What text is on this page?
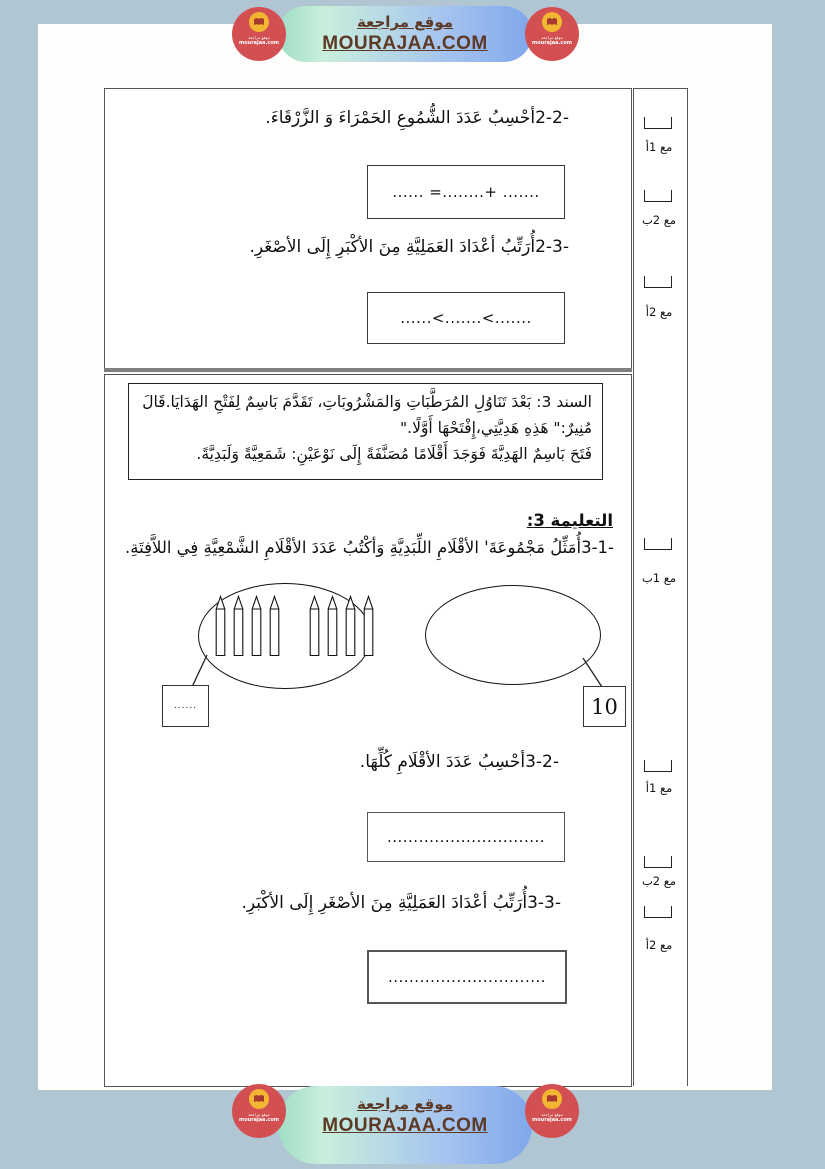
2-2-أحْسِبُ عَدَدَ الشُّمُوعِ الحَمْرَاءَ وَ الزَّرْقَاءَ.
...... =........+ .......
2-3-أُرَتِّبُ أعْدَادَ العَمَلِيَّةِ مِنَ الأكْبَرِ إِلَى الأصْغَرِ.
......<.......<.......
السند 3: بَعْدَ تَنَاوُلِ المُرَطَّبَاتِ وَالمَشْرُوبَاتِ، تَقَدَّمَ بَاسِمٌ لِفَتْحِ الهَدَايَا.قَالَ
مُنِيرٌ:" هَذِهِ هَدِيَّتِي،إِفْتَحْهَا أَوَّلًا."
فَتَحَ بَاسِمٌ الهَدِيَّةَ فَوَجَدَ أَقْلَامًا مُصَنَّفَةً إِلَى نَوْعَيْنِ: شَمَعِيَّةً وَلَبَدِيَّةً.
التعليمة 3:
3-1-أُمَثِّلُ مَجْمُوعَةَ' الأقْلَامِ اللِّبَدِيَّةِ وَأكْتُبُ عَدَدَ الأقْلَامِ الشَّمْعِيَّةِ فِي اللاَّفِتَةِ.
......	10
3-2-أحْسِبُ عَدَدَ الأقْلَامِ كُلِّهَا.
..............................
3-3-أُرَتِّبُ أعْدَادَ العَمَلِيَّةِ مِنَ الأصْغَرِ إِلَى الأكْبَرِ.
..............................
مع 1أ
مع 2ب
مع 2أ
مع 1ب
مع 1أ
مع 2ب
مع 2أ
موقع مراجعة
MOURAJAA.COM
موقع مراجعة
mourajaa.com
موقع مراجعة
mourajaa.com
موقع مراجعة
MOURAJAA.COM
موقع مراجعة
mourajaa.com
موقع مراجعة
mourajaa.com
